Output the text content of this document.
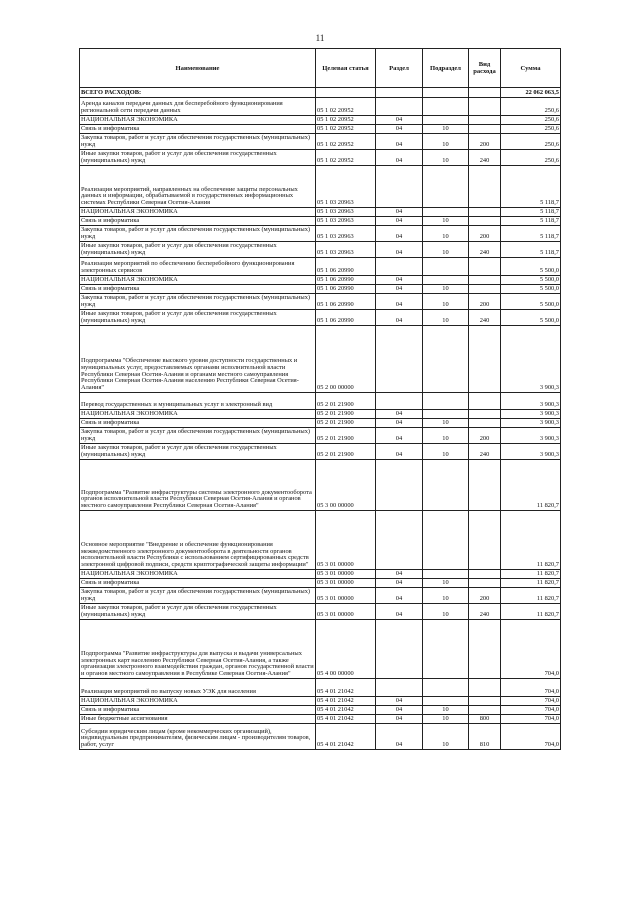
11
Наименование	Целевая статья	Раздел	Подраздел	Вид расхода	Сумма
ВСЕГО РАСХОДОВ:					22 062 063,5
Аренда каналов передачи данных для бесперебойного функционирования региональной сети передачи данных	05 1 02 20952				250,6
НАЦИОНАЛЬНАЯ ЭКОНОМИКА	05 1 02 20952	04			250,6
Связь и информатика	05 1 02 20952	04	10		250,6
Закупка товаров, работ и услуг для обеспечения государственных (муниципальных) нужд	05 1 02 20952	04	10	200	250,6
Иные закупки товаров, работ и услуг для обеспечения государственных (муниципальных) нужд	05 1 02 20952	04	10	240	250,6
Реализация мероприятий, направленных на обеспечение защиты персональных данных и информации, обрабатываемой в государственных информационных системах Республики Северная Осетия-Алания	05 1 03 20963				5 118,7
НАЦИОНАЛЬНАЯ ЭКОНОМИКА	05 1 03 20963	04			5 118,7
Связь и информатика	05 1 03 20963	04	10		5 118,7
Закупка товаров, работ и услуг для обеспечения государственных (муниципальных) нужд	05 1 03 20963	04	10	200	5 118,7
Иные закупки товаров, работ и услуг для обеспечения государственных (муниципальных) нужд	05 1 03 20963	04	10	240	5 118,7
Реализация мероприятий по обеспечению бесперебойного функционирования электронных сервисов	05 1 06 20990				5 500,0
НАЦИОНАЛЬНАЯ ЭКОНОМИКА	05 1 06 20990	04			5 500,0
Связь и информатика	05 1 06 20990	04	10		5 500,0
Закупка товаров, работ и услуг для обеспечения государственных (муниципальных) нужд	05 1 06 20990	04	10	200	5 500,0
Иные закупки товаров, работ и услуг для обеспечения государственных (муниципальных) нужд	05 1 06 20990	04	10	240	5 500,0
Подпрограмма "Обеспечение высокого уровня доступности государственных и муниципальных услуг, предоставляемых органами исполнительной власти Республики Северная Осетия-Алания и органами местного самоуправления Республики Северная Осетия-Алания населению Республики Северная Осетия-Алания"	05 2 00 00000				3 900,3
Перевод государственных и муниципальных услуг в электронный вид	05 2 01 21900				3 900,3
НАЦИОНАЛЬНАЯ ЭКОНОМИКА	05 2 01 21900	04			3 900,3
Связь и информатика	05 2 01 21900	04	10		3 900,3
Закупка товаров, работ и услуг для обеспечения государственных (муниципальных) нужд	05 2 01 21900	04	10	200	3 900,3
Иные закупки товаров, работ и услуг для обеспечения государственных (муниципальных) нужд	05 2 01 21900	04	10	240	3 900,3
Подпрограмма "Развитие инфраструктуры системы электронного документооборота органов исполнительной власти Республики Северная Осетия-Алания и органов местного самоуправления Республики Северная Осетия-Алания"	05 3 00 00000				11 820,7
Основное мероприятие "Внедрение и обеспечение функционирования межведомственного электронного документооборота в деятельности органов исполнительной власти Республики с использованием сертифицированных средств электронной цифровой подписи, средств криптографической защиты информации"	05 3 01 00000				11 820,7
НАЦИОНАЛЬНАЯ ЭКОНОМИКА	05 3 01 00000	04			11 820,7
Связь и информатика	05 3 01 00000	04	10		11 820,7
Закупка товаров, работ и услуг для обеспечения государственных (муниципальных) нужд	05 3 01 00000	04	10	200	11 820,7
Иные закупки товаров, работ и услуг для обеспечения государственных (муниципальных) нужд	05 3 01 00000	04	10	240	11 820,7
Подпрограмма "Развитие инфраструктуры для выпуска и выдачи универсальных электронных карт населению Республики Северная Осетия-Алания, а также организация электронного взаимодействия граждан, органов государственной власти и органов местного самоуправления в Республике Северная Осетия-Алания"	05 4 00 00000				704,0
Реализация мероприятий по выпуску новых УЭК для населения	05 4 01 21042				704,0
НАЦИОНАЛЬНАЯ ЭКОНОМИКА	05 4 01 21042	04			704,0
Связь и информатика	05 4 01 21042	04	10		704,0
Иные бюджетные ассигнования	05 4 01 21042	04	10	800	704,0
Субсидии юридическим лицам (кроме некоммерческих организаций), индивидуальным предпринимателям, физическим лицам - производителям товаров, работ, услуг	05 4 01 21042	04	10	810	704,0
